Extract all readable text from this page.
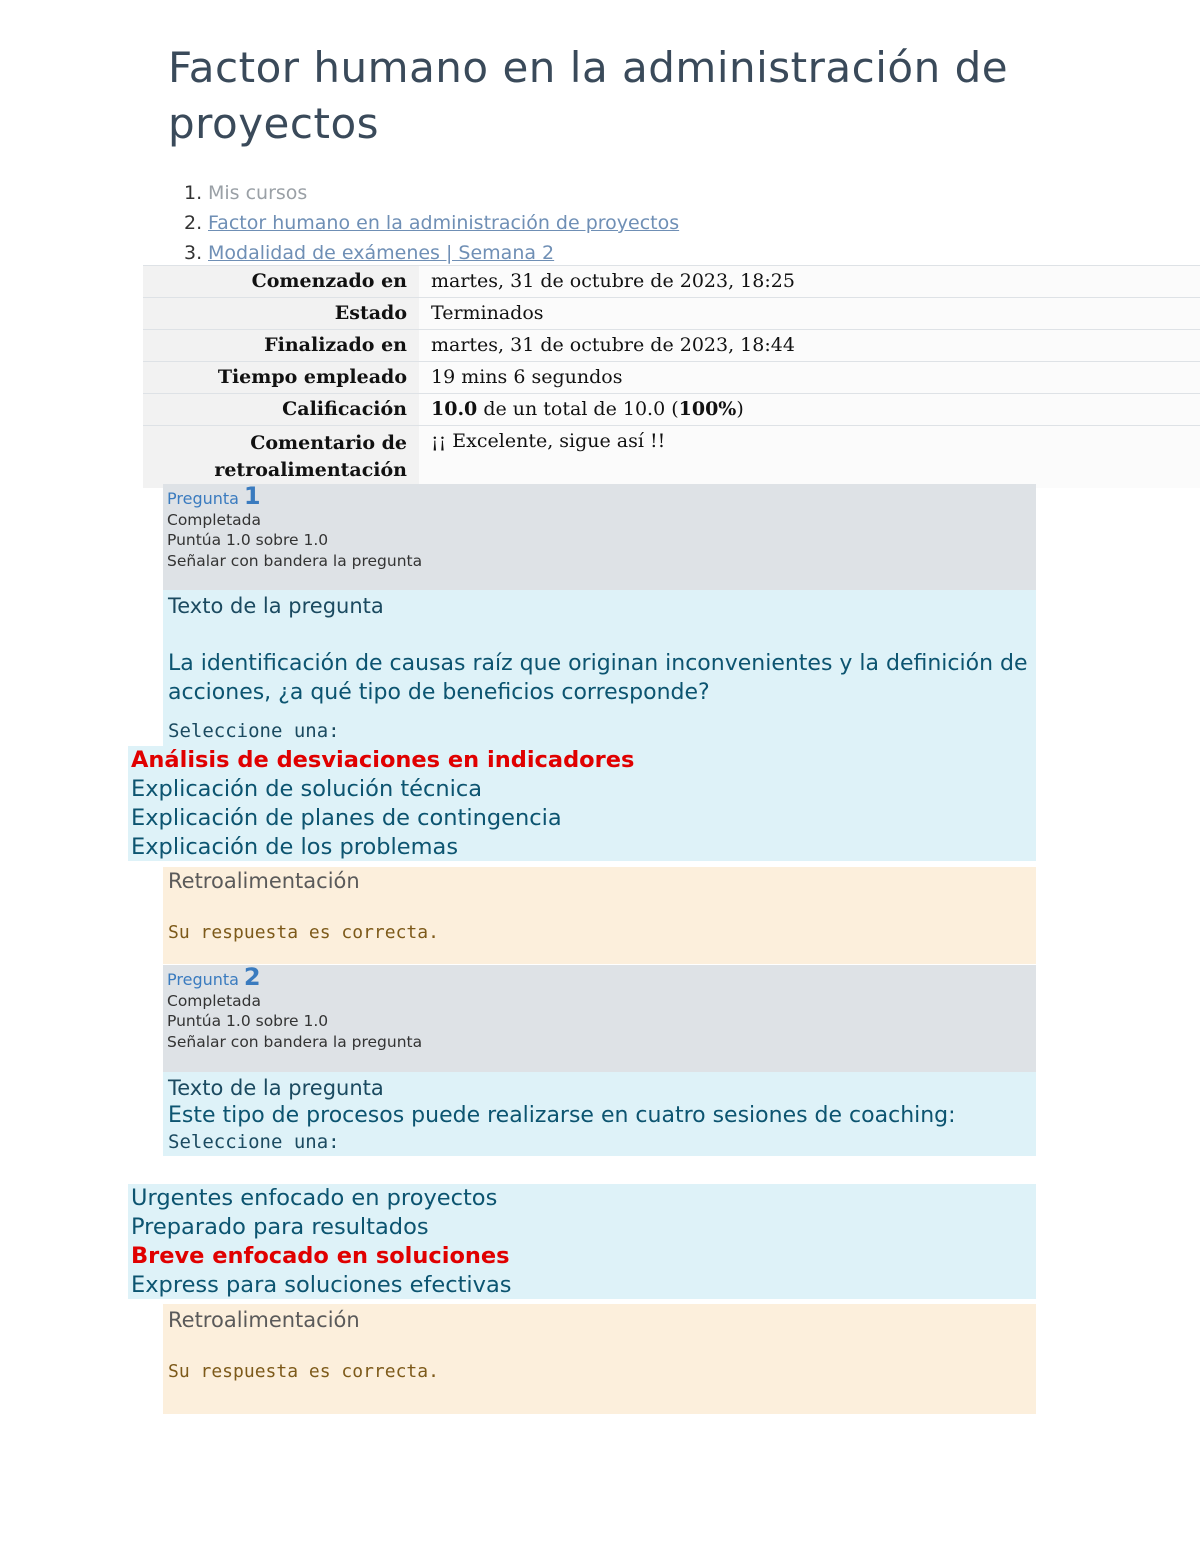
Factor humano en la administración de proyectos
1. Mis cursos
2. Factor humano en la administración de proyectos
3. Modalidad de exámenes | Semana 2
Comenzado en	martes, 31 de octubre de 2023, 18:25
Estado	Terminados
Finalizado en	martes, 31 de octubre de 2023, 18:44
Tiempo empleado	19 mins 6 segundos
Calificación	10.0 de un total de 10.0 (100%)
Comentario de retroalimentación	¡¡ Excelente, sigue así !!
Pregunta 1
Completada
Puntúa 1.0 sobre 1.0
Señalar con bandera la pregunta
Texto de la pregunta
La identificación de causas raíz que originan inconvenientes y la definición de acciones, ¿a qué tipo de beneficios corresponde?
Seleccione una:
Análisis de desviaciones en indicadores
Explicación de solución técnica
Explicación de planes de contingencia
Explicación de los problemas
Retroalimentación
Su respuesta es correcta.
Pregunta 2
Completada
Puntúa 1.0 sobre 1.0
Señalar con bandera la pregunta
Texto de la pregunta
Este tipo de procesos puede realizarse en cuatro sesiones de coaching:
Seleccione una:
Urgentes enfocado en proyectos
Preparado para resultados
Breve enfocado en soluciones
Express para soluciones efectivas
Retroalimentación
Su respuesta es correcta.
